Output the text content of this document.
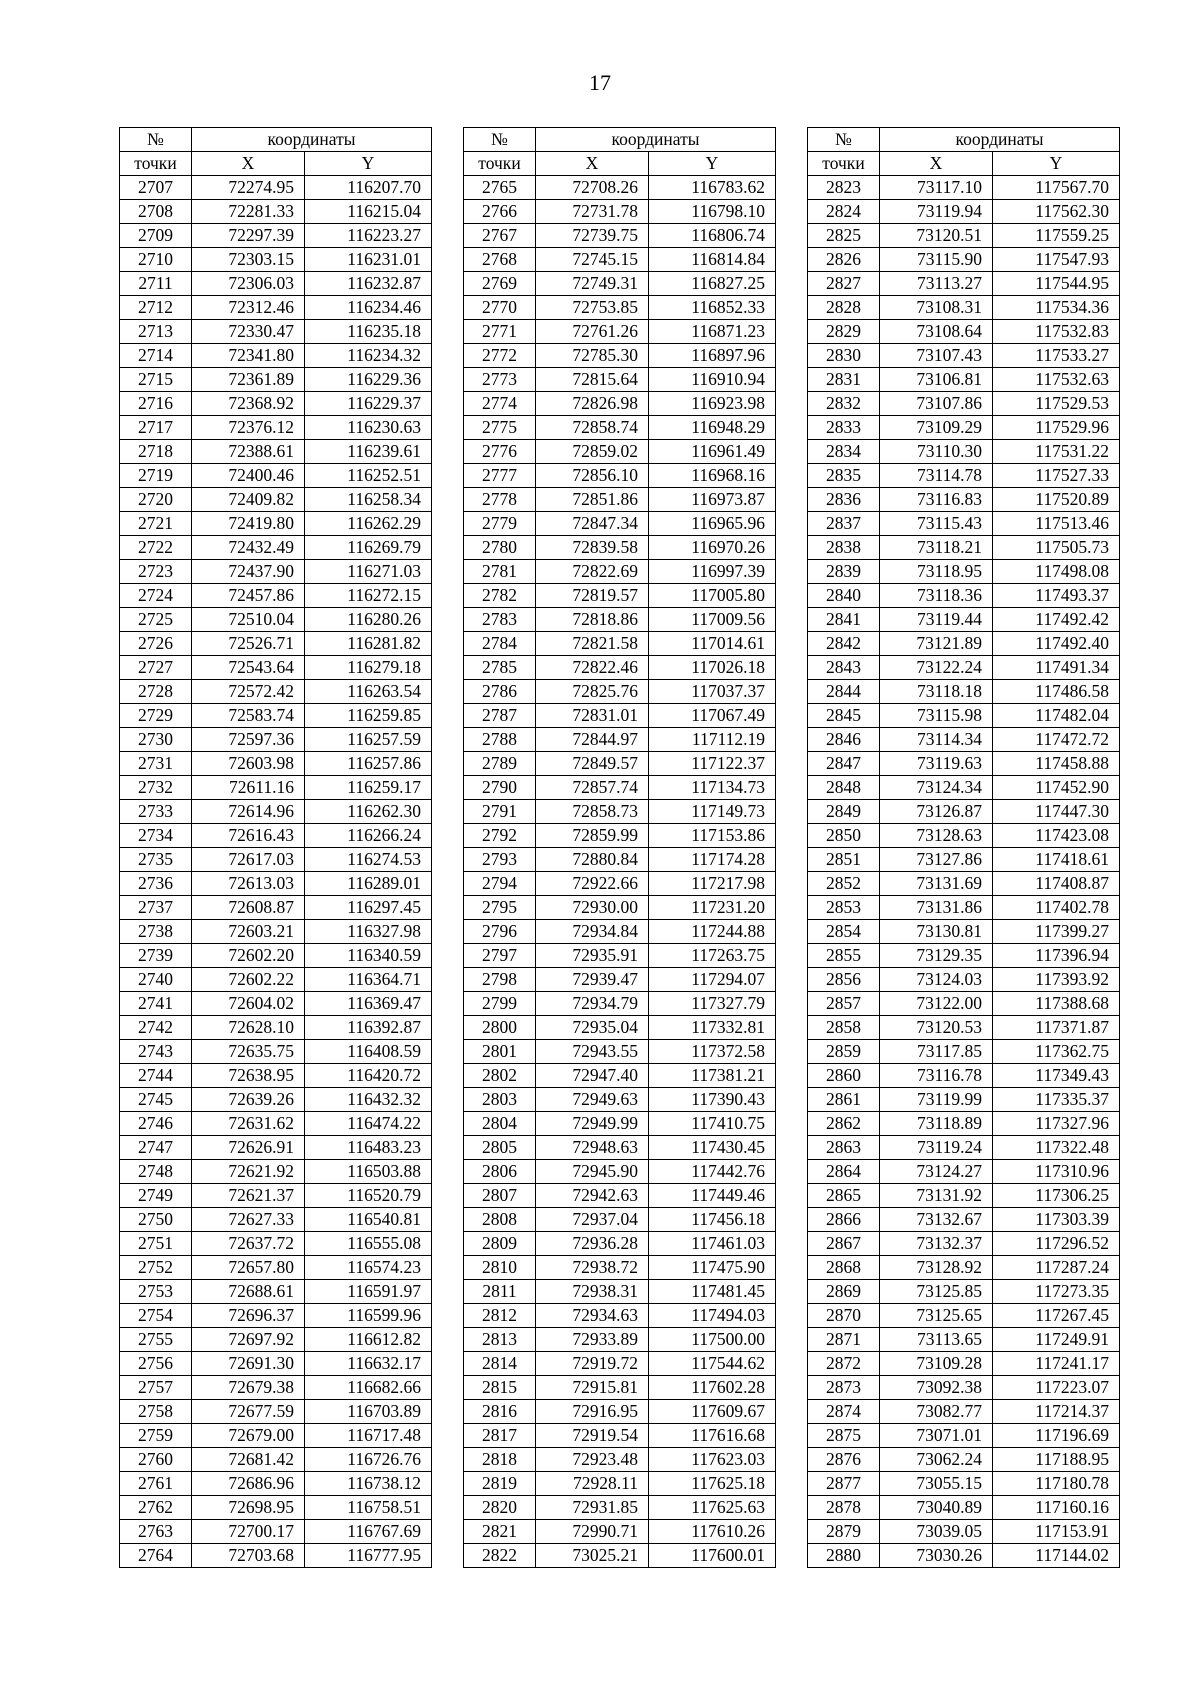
17
№	координаты	
точки	X	Y
2707	72274.95	116207.70
2708	72281.33	116215.04
2709	72297.39	116223.27
2710	72303.15	116231.01
2711	72306.03	116232.87
2712	72312.46	116234.46
2713	72330.47	116235.18
2714	72341.80	116234.32
2715	72361.89	116229.36
2716	72368.92	116229.37
2717	72376.12	116230.63
2718	72388.61	116239.61
2719	72400.46	116252.51
2720	72409.82	116258.34
2721	72419.80	116262.29
2722	72432.49	116269.79
2723	72437.90	116271.03
2724	72457.86	116272.15
2725	72510.04	116280.26
2726	72526.71	116281.82
2727	72543.64	116279.18
2728	72572.42	116263.54
2729	72583.74	116259.85
2730	72597.36	116257.59
2731	72603.98	116257.86
2732	72611.16	116259.17
2733	72614.96	116262.30
2734	72616.43	116266.24
2735	72617.03	116274.53
2736	72613.03	116289.01
2737	72608.87	116297.45
2738	72603.21	116327.98
2739	72602.20	116340.59
2740	72602.22	116364.71
2741	72604.02	116369.47
2742	72628.10	116392.87
2743	72635.75	116408.59
2744	72638.95	116420.72
2745	72639.26	116432.32
2746	72631.62	116474.22
2747	72626.91	116483.23
2748	72621.92	116503.88
2749	72621.37	116520.79
2750	72627.33	116540.81
2751	72637.72	116555.08
2752	72657.80	116574.23
2753	72688.61	116591.97
2754	72696.37	116599.96
2755	72697.92	116612.82
2756	72691.30	116632.17
2757	72679.38	116682.66
2758	72677.59	116703.89
2759	72679.00	116717.48
2760	72681.42	116726.76
2761	72686.96	116738.12
2762	72698.95	116758.51
2763	72700.17	116767.69
2764	72703.68	116777.95
№	координаты	
точки	X	Y
2765	72708.26	116783.62
2766	72731.78	116798.10
2767	72739.75	116806.74
2768	72745.15	116814.84
2769	72749.31	116827.25
2770	72753.85	116852.33
2771	72761.26	116871.23
2772	72785.30	116897.96
2773	72815.64	116910.94
2774	72826.98	116923.98
2775	72858.74	116948.29
2776	72859.02	116961.49
2777	72856.10	116968.16
2778	72851.86	116973.87
2779	72847.34	116965.96
2780	72839.58	116970.26
2781	72822.69	116997.39
2782	72819.57	117005.80
2783	72818.86	117009.56
2784	72821.58	117014.61
2785	72822.46	117026.18
2786	72825.76	117037.37
2787	72831.01	117067.49
2788	72844.97	117112.19
2789	72849.57	117122.37
2790	72857.74	117134.73
2791	72858.73	117149.73
2792	72859.99	117153.86
2793	72880.84	117174.28
2794	72922.66	117217.98
2795	72930.00	117231.20
2796	72934.84	117244.88
2797	72935.91	117263.75
2798	72939.47	117294.07
2799	72934.79	117327.79
2800	72935.04	117332.81
2801	72943.55	117372.58
2802	72947.40	117381.21
2803	72949.63	117390.43
2804	72949.99	117410.75
2805	72948.63	117430.45
2806	72945.90	117442.76
2807	72942.63	117449.46
2808	72937.04	117456.18
2809	72936.28	117461.03
2810	72938.72	117475.90
2811	72938.31	117481.45
2812	72934.63	117494.03
2813	72933.89	117500.00
2814	72919.72	117544.62
2815	72915.81	117602.28
2816	72916.95	117609.67
2817	72919.54	117616.68
2818	72923.48	117623.03
2819	72928.11	117625.18
2820	72931.85	117625.63
2821	72990.71	117610.26
2822	73025.21	117600.01
№	координаты	
точки	X	Y
2823	73117.10	117567.70
2824	73119.94	117562.30
2825	73120.51	117559.25
2826	73115.90	117547.93
2827	73113.27	117544.95
2828	73108.31	117534.36
2829	73108.64	117532.83
2830	73107.43	117533.27
2831	73106.81	117532.63
2832	73107.86	117529.53
2833	73109.29	117529.96
2834	73110.30	117531.22
2835	73114.78	117527.33
2836	73116.83	117520.89
2837	73115.43	117513.46
2838	73118.21	117505.73
2839	73118.95	117498.08
2840	73118.36	117493.37
2841	73119.44	117492.42
2842	73121.89	117492.40
2843	73122.24	117491.34
2844	73118.18	117486.58
2845	73115.98	117482.04
2846	73114.34	117472.72
2847	73119.63	117458.88
2848	73124.34	117452.90
2849	73126.87	117447.30
2850	73128.63	117423.08
2851	73127.86	117418.61
2852	73131.69	117408.87
2853	73131.86	117402.78
2854	73130.81	117399.27
2855	73129.35	117396.94
2856	73124.03	117393.92
2857	73122.00	117388.68
2858	73120.53	117371.87
2859	73117.85	117362.75
2860	73116.78	117349.43
2861	73119.99	117335.37
2862	73118.89	117327.96
2863	73119.24	117322.48
2864	73124.27	117310.96
2865	73131.92	117306.25
2866	73132.67	117303.39
2867	73132.37	117296.52
2868	73128.92	117287.24
2869	73125.85	117273.35
2870	73125.65	117267.45
2871	73113.65	117249.91
2872	73109.28	117241.17
2873	73092.38	117223.07
2874	73082.77	117214.37
2875	73071.01	117196.69
2876	73062.24	117188.95
2877	73055.15	117180.78
2878	73040.89	117160.16
2879	73039.05	117153.91
2880	73030.26	117144.02
